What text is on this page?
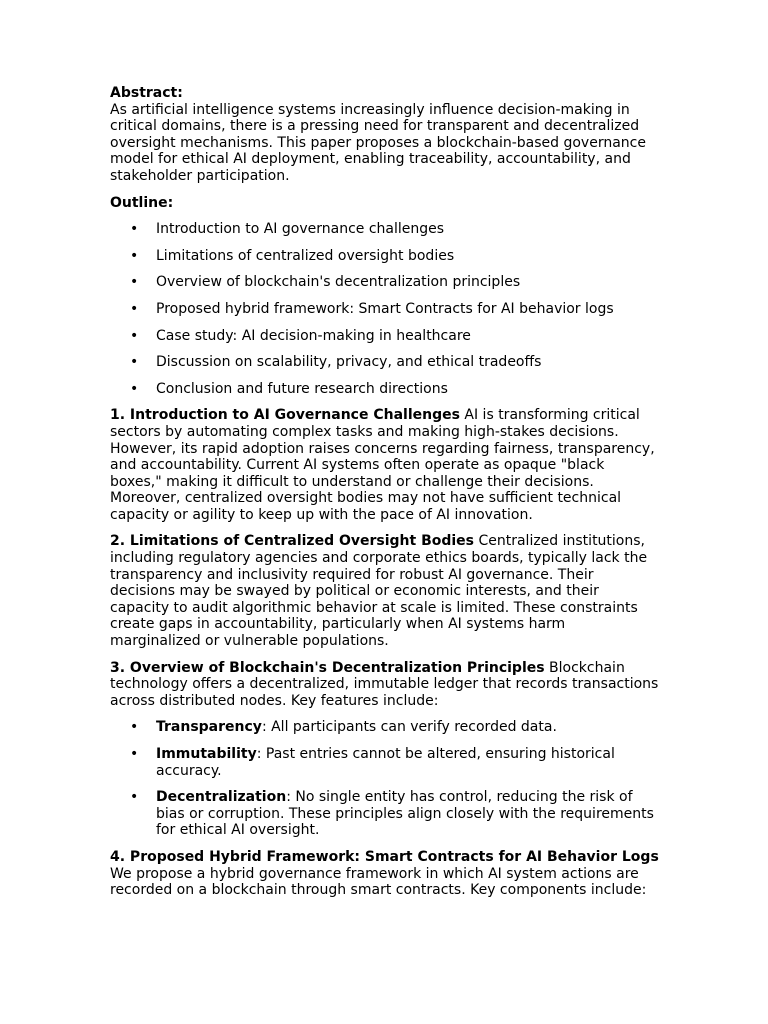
Abstract:
As artificial intelligence systems increasingly influence decision-making in critical domains, there is a pressing need for transparent and decentralized oversight mechanisms. This paper proposes a blockchain-based governance model for ethical AI deployment, enabling traceability, accountability, and stakeholder participation.
Outline:
• Introduction to AI governance challenges
• Limitations of centralized oversight bodies
• Overview of blockchain's decentralization principles
• Proposed hybrid framework: Smart Contracts for AI behavior logs
• Case study: AI decision-making in healthcare
• Discussion on scalability, privacy, and ethical tradeoffs
• Conclusion and future research directions
1. Introduction to AI Governance Challenges AI is transforming critical sectors by automating complex tasks and making high-stakes decisions. However, its rapid adoption raises concerns regarding fairness, transparency, and accountability. Current AI systems often operate as opaque "black boxes," making it difficult to understand or challenge their decisions. Moreover, centralized oversight bodies may not have sufficient technical capacity or agility to keep up with the pace of AI innovation.
2. Limitations of Centralized Oversight Bodies Centralized institutions, including regulatory agencies and corporate ethics boards, typically lack the transparency and inclusivity required for robust AI governance. Their decisions may be swayed by political or economic interests, and their capacity to audit algorithmic behavior at scale is limited. These constraints create gaps in accountability, particularly when AI systems harm marginalized or vulnerable populations.
3. Overview of Blockchain's Decentralization Principles Blockchain technology offers a decentralized, immutable ledger that records transactions across distributed nodes. Key features include:
• Transparency: All participants can verify recorded data.
• Immutability: Past entries cannot be altered, ensuring historical accuracy.
• Decentralization: No single entity has control, reducing the risk of bias or corruption. These principles align closely with the requirements for ethical AI oversight.
4. Proposed Hybrid Framework: Smart Contracts for AI Behavior Logs We propose a hybrid governance framework in which AI system actions are recorded on a blockchain through smart contracts. Key components include:
